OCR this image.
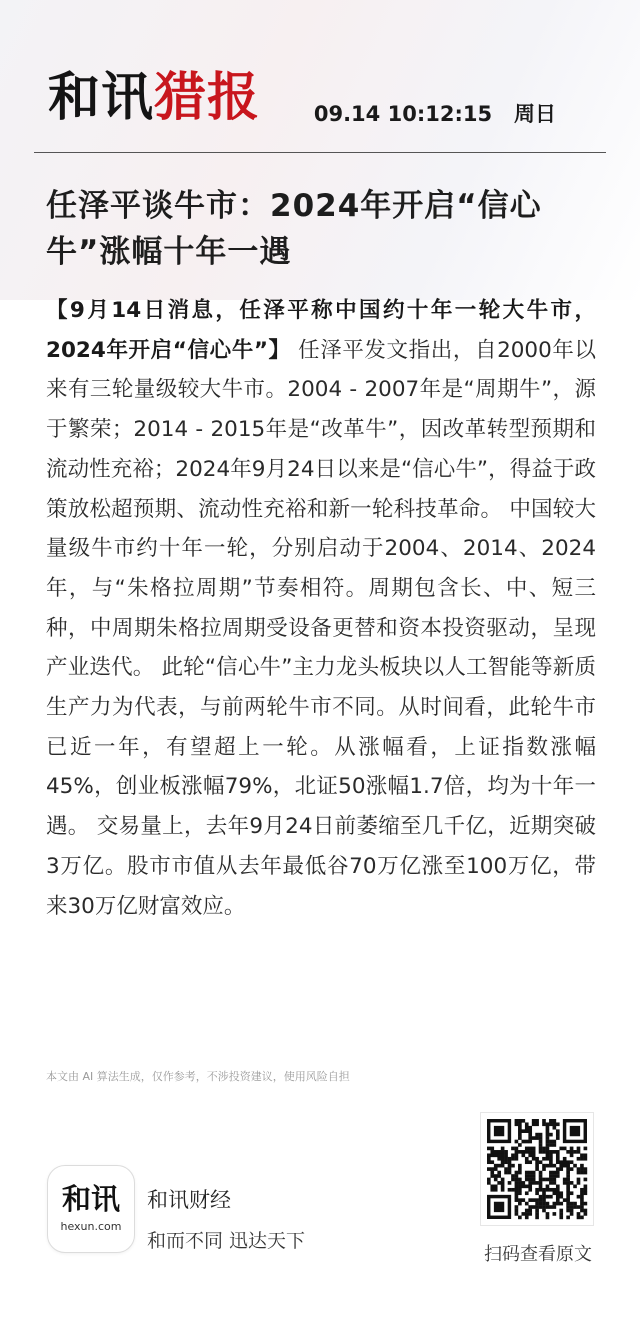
和讯猎报	09.14 10:12:15   周日
任泽平谈牛市：2024年开启“信心牛”涨幅十年一遇
【9月14日消息，任泽平称中国约十年一轮大牛市，2024年开启“信心牛”】 任泽平发文指出，自2000年以来有三轮量级较大牛市。2004 - 2007年是“周期牛”，源于繁荣；2014 - 2015年是“改革牛”，因改革转型预期和流动性充裕；2024年9月24日以来是“信心牛”，得益于政策放松超预期、流动性充裕和新一轮科技革命。 中国较大量级牛市约十年一轮，分别启动于2004、2014、2024年，与“朱格拉周期”节奏相符。周期包含长、中、短三种，中周期朱格拉周期受设备更替和资本投资驱动，呈现产业迭代。 此轮“信心牛”主力龙头板块以人工智能等新质生产力为代表，与前两轮牛市不同。从时间看，此轮牛市已近一年，有望超上一轮。从涨幅看，上证指数涨幅45%，创业板涨幅79%，北证50涨幅1.7倍，均为十年一遇。 交易量上，去年9月24日前萎缩至几千亿，近期突破3万亿。股市市值从去年最低谷70万亿涨至100万亿，带来30万亿财富效应。
本文由 AI 算法生成，仅作参考，不涉投资建议，使用风险自担
和讯
hexun.com
和讯财经
和而不同 迅达天下
扫码查看原文
